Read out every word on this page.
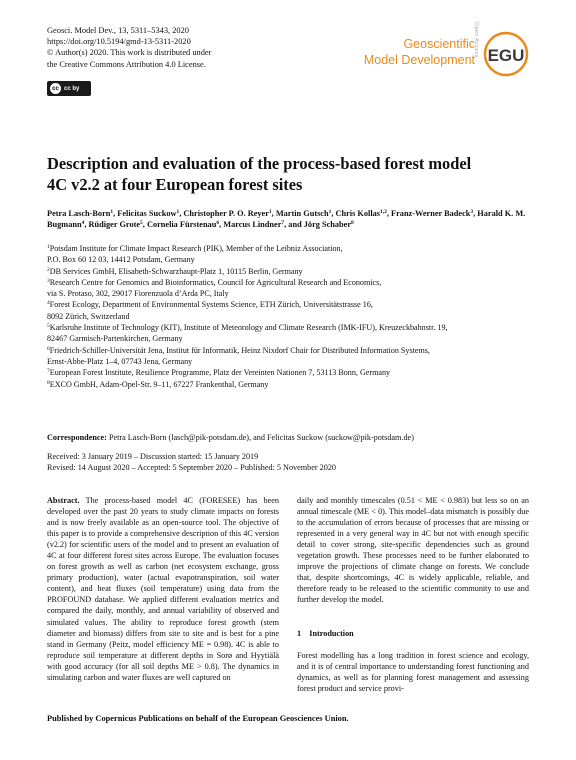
Geosci. Model Dev., 13, 5311–5343, 2020
https://doi.org/10.5194/gmd-13-5311-2020
© Author(s) 2020. This work is distributed under
the Creative Commons Attribution 4.0 License.
cc cc by
Geoscientific
Model Development
Open Access EGU
Description and evaluation of the process-based forest model
4C v2.2 at four European forest sites
Petra Lasch-Born$^1$, Felicitas Suckow$^1$, Christopher P. O. Reyer$^1$, Martin Gutsch$^1$, Chris Kollas$^{1,2}$, Franz-Werner Badeck$^3$, Harald K. M. Bugmann$^4$, Rüdiger Grote$^5$, Cornelia Fürstenau$^6$, Marcus Lindner$^7$, and Jörg Schaber$^8$
$^1$Potsdam Institute for Climate Impact Research (PIK), Member of the Leibniz Association,
P.O. Box 60 12 03, 14412 Potsdam, Germany
$^2$DB Services GmbH, Elisabeth-Schwarzhaupt-Platz 1, 10115 Berlin, Germany
$^3$Research Centre for Genomics and Bioinformatics, Council for Agricultural Research and Economics,
via S. Protaso, 302, 29017 Fiorenzuola d’Arda PC, Italy
$^4$Forest Ecology, Department of Environmental Systems Science, ETH Zürich, Universitätstrasse 16,
8092 Zürich, Switzerland
$^5$Karlsruhe Institute of Technology (KIT), Institute of Meteorology and Climate Research (IMK-IFU), Kreuzeckbahnstr. 19,
82467 Garmisch-Partenkirchen, Germany
$^6$Friedrich-Schiller-Universität Jena, Institut für Informatik, Heinz Nixdorf Chair for Distributed Information Systems,
Ernst-Abbe-Platz 1–4, 07743 Jena, Germany
$^7$European Forest Institute, Resilience Programme, Platz der Vereinten Nationen 7, 53113 Bonn, Germany
$^8$EXCO GmbH, Adam-Opel-Str. 9–11, 67227 Frankenthal, Germany
Correspondence: Petra Lasch-Born (lasch@pik-potsdam.de), and Felicitas Suckow (suckow@pik-potsdam.de)
Received: 3 January 2019 – Discussion started: 15 January 2019
Revised: 14 August 2020 – Accepted: 5 September 2020 – Published: 5 November 2020
Abstract. The process-based model 4C (FORESEE) has been developed over the past 20 years to study climate impacts on forests and is now freely available as an open-source tool. The objective of this paper is to provide a comprehensive description of this 4C version (v2.2) for scientific users of the model and to present an evaluation of 4C at four different forest sites across Europe. The evaluation focuses on forest growth as well as carbon (net ecosystem exchange, gross primary production), water (actual evapotranspiration, soil water content), and heat fluxes (soil temperature) using data from the PROFOUND database. We applied different evaluation metrics and compared the daily, monthly, and annual variability of observed and simulated values. The ability to reproduce forest growth (stem diameter and biomass) differs from site to site and is best for a pine stand in Germany (Peitz, model efficiency ME = 0.98). 4C is able to reproduce soil temperature at different depths in Sorø and Hyytiälä with good accuracy (for all soil depths ME > 0.8). The dynamics in simulating carbon and water fluxes are well captured on
daily and monthly timescales (0.51 < ME < 0.983) but less so on an annual timescale (ME < 0). This model–data mismatch is possibly due to the accumulation of errors because of processes that are missing or represented in a very general way in 4C but not with enough specific detail to cover strong, site-specific dependencies such as ground vegetation growth. These processes need to be further elaborated to improve the projections of climate change on forests. We conclude that, despite shortcomings, 4C is widely applicable, reliable, and therefore ready to be released to the scientific community to use and further develop the model.
1 Introduction
Forest modelling has a long tradition in forest science and ecology, and it is of central importance to understanding forest functioning and dynamics, as well as for planning forest management and assessing forest product and service provi-
Published by Copernicus Publications on behalf of the European Geosciences Union.
